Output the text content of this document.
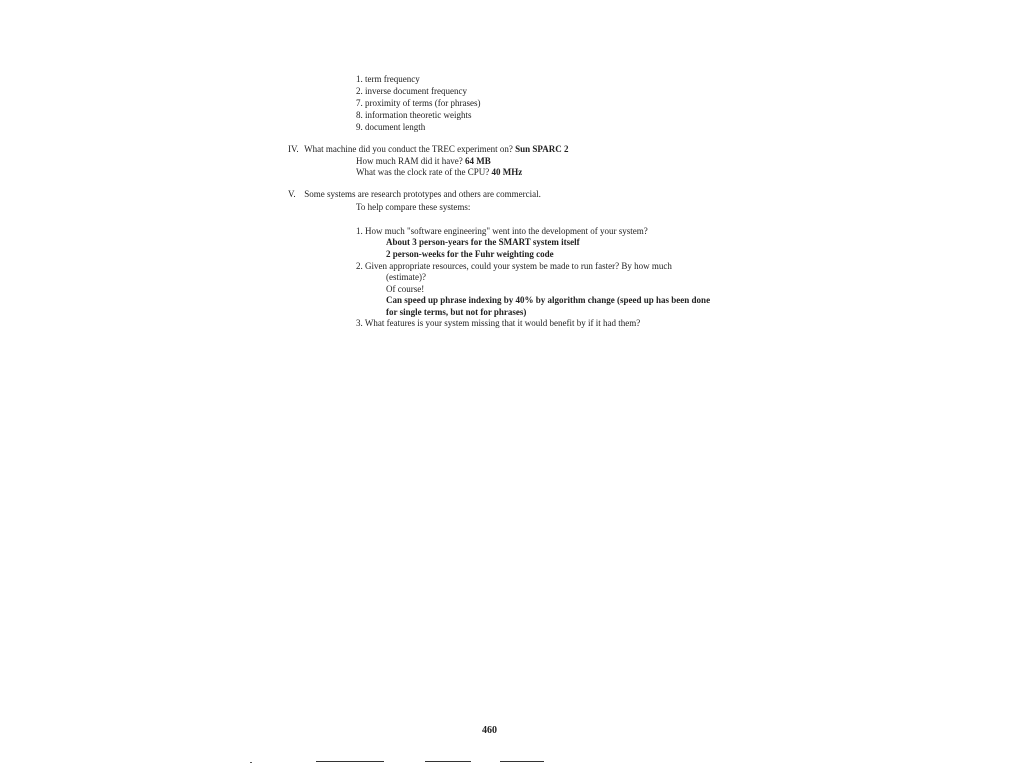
1. term frequency
2. inverse document frequency
7. proximity of terms (for phrases)
8. information theoretic weights
9. document length
IV. What machine did you conduct the TREC experiment on? Sun SPARC 2
How much RAM did it have? 64 MB
What was the clock rate of the CPU? 40 MHz
V. Some systems are research prototypes and others are commercial.
To help compare these systems:
1. How much "software engineering" went into the development of your system?
About 3 person-years for the SMART system itself
2 person-weeks for the Fuhr weighting code
2. Given appropriate resources, could your system be made to run faster? By how much
(estimate)?
Of course!
Can speed up phrase indexing by 40% by algorithm change (speed up has been done
for single terms, but not for phrases)
3. What features is your system missing that it would benefit by if it had them?
460
